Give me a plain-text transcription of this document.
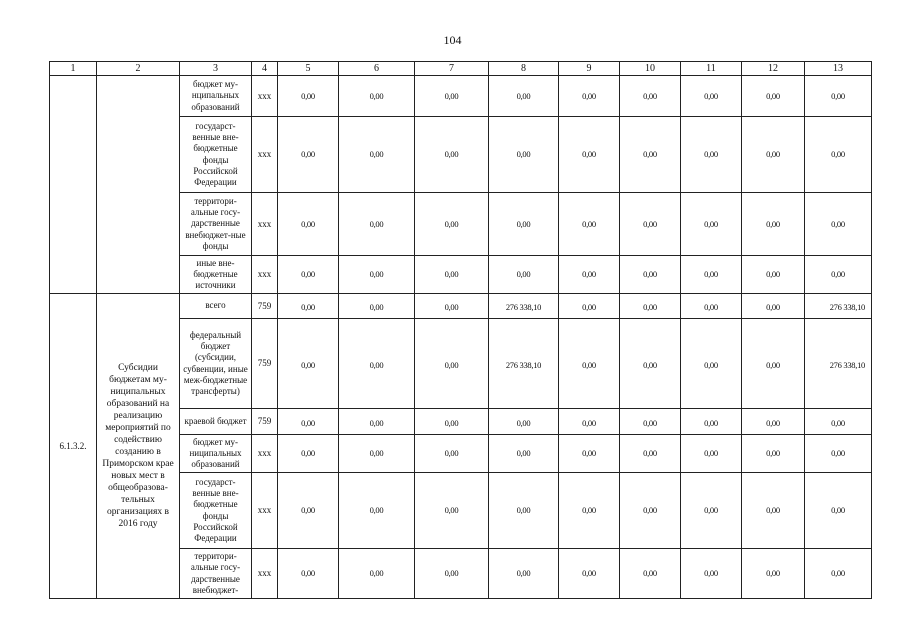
104
1	2	3	4	5	6	7	8	9	10	11	12	13
		бюджет му-нципальных образований	ххх	0,00	0,00	0,00	0,00	0,00	0,00	0,00	0,00	0,00
		государст-венные вне-бюджетные фонды Российской Федерации	ххх	0,00	0,00	0,00	0,00	0,00	0,00	0,00	0,00	0,00
		территори-альные госу-дарственные внебюджет-ные фонды	ххх	0,00	0,00	0,00	0,00	0,00	0,00	0,00	0,00	0,00
		иные вне-бюджетные источники	ххх	0,00	0,00	0,00	0,00	0,00	0,00	0,00	0,00	0,00
6.1.3.2.	Субсидии бюджетам му-ниципальных образований на реализацию мероприятий по содействию созданию в Приморском крае новых мест в общеобразова-тельных организациях в 2016 году	всего	759	0,00	0,00	0,00	276 338,10	0,00	0,00	0,00	0,00	276 338,10
		федеральный бюджет (субсидии, субвенции, иные меж-бюджетные трансферты)	759	0,00	0,00	0,00	276 338,10	0,00	0,00	0,00	0,00	276 338,10
		краевой бюджет	759	0,00	0,00	0,00	0,00	0,00	0,00	0,00	0,00	0,00
		бюджет му-ниципальных образований	ххх	0,00	0,00	0,00	0,00	0,00	0,00	0,00	0,00	0,00
		государст-венные вне-бюджетные фонды Российской Федерации	ххх	0,00	0,00	0,00	0,00	0,00	0,00	0,00	0,00	0,00
		территори-альные госу-дарственные внебюджет-	ххх	0,00	0,00	0,00	0,00	0,00	0,00	0,00	0,00	0,00
